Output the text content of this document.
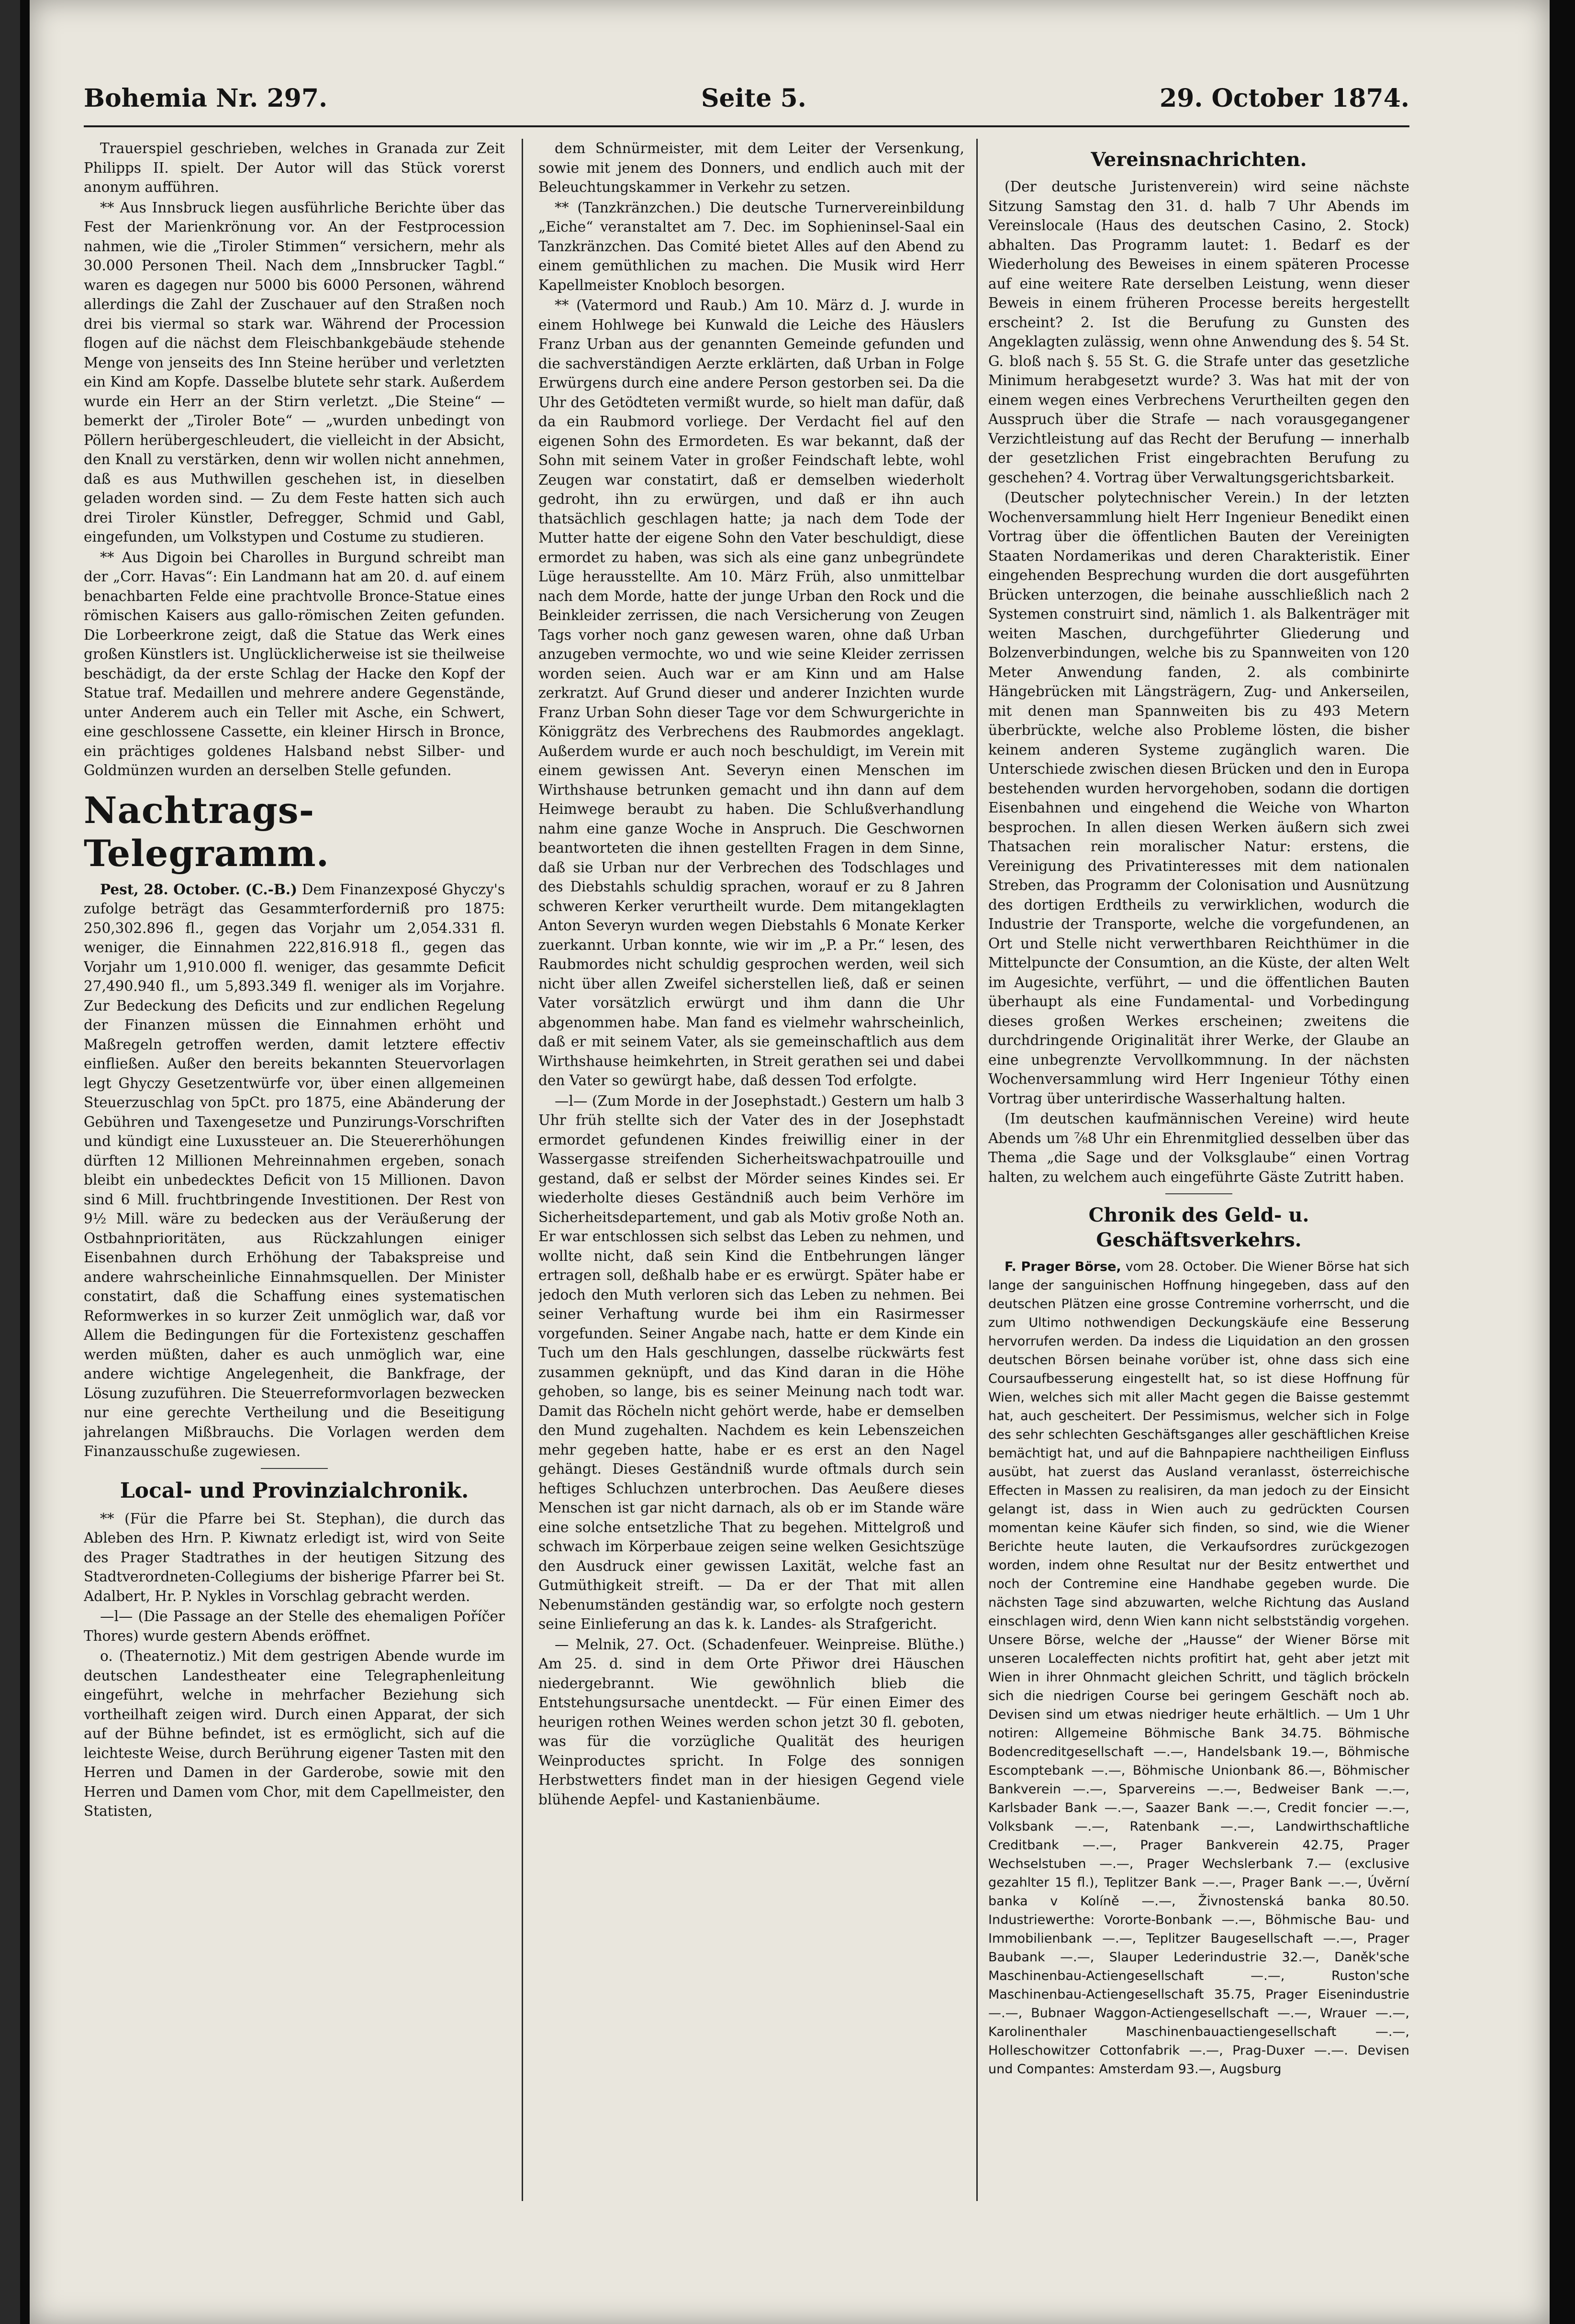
Bohemia Nr. 297.	Seite 5.	29. October 1874.

Trauerspiel geschrieben, welches in Granada zur Zeit Philipps II. spielt. Der Autor will das Stück vorerst anonym aufführen.

** Aus Innsbruck liegen ausführliche Berichte über das Fest der Marienkrönung vor. An der Festprocession nahmen, wie die „Tiroler Stimmen“ versichern, mehr als 30.000 Personen Theil. Nach dem „Innsbrucker Tagbl.“ waren es dagegen nur 5000 bis 6000 Personen, während allerdings die Zahl der Zuschauer auf den Straßen noch drei bis viermal so stark war. Während der Procession flogen auf die nächst dem Fleischbankgebäude stehende Menge von jenseits des Inn Steine herüber und verletzten ein Kind am Kopfe. Dasselbe blutete sehr stark. Außerdem wurde ein Herr an der Stirn verletzt. „Die Steine“ — bemerkt der „Tiroler Bote“ — „wurden unbedingt von Pöllern herübergeschleudert, die vielleicht in der Absicht, den Knall zu verstärken, denn wir wollen nicht annehmen, daß es aus Muthwillen geschehen ist, in dieselben geladen worden sind. — Zu dem Feste hatten sich auch drei Tiroler Künstler, Defregger, Schmid und Gabl, eingefunden, um Volkstypen und Costume zu studieren.

** Aus Digoin bei Charolles in Burgund schreibt man der „Corr. Havas“: Ein Landmann hat am 20. d. auf einem benachbarten Felde eine prachtvolle Bronce-Statue eines römischen Kaisers aus gallo-römischen Zeiten gefunden. Die Lorbeerkrone zeigt, daß die Statue das Werk eines großen Künstlers ist. Unglücklicherweise ist sie theilweise beschädigt, da der erste Schlag der Hacke den Kopf der Statue traf. Medaillen und mehrere andere Gegenstände, unter Anderem auch ein Teller mit Asche, ein Schwert, eine geschlossene Cassette, ein kleiner Hirsch in Bronce, ein prächtiges goldenes Halsband nebst Silber- und Goldmünzen wurden an derselben Stelle gefunden.

Nachtrags-Telegramm.

Pest, 28. October. (C.-B.) Dem Finanzexposé Ghyczy's zufolge beträgt das Gesammterforderniß pro 1875: 250,302.896 fl., gegen das Vorjahr um 2,054.331 fl. weniger, die Einnahmen 222,816.918 fl., gegen das Vorjahr um 1,910.000 fl. weniger, das gesammte Deficit 27,490.940 fl., um 5,893.349 fl. weniger als im Vorjahre. Zur Bedeckung des Deficits und zur endlichen Regelung der Finanzen müssen die Einnahmen erhöht und Maßregeln getroffen werden, damit letztere effectiv einfließen. Außer den bereits bekannten Steuervorlagen legt Ghyczy Gesetzentwürfe vor, über einen allgemeinen Steuerzuschlag von 5pCt. pro 1875, eine Abänderung der Gebühren und Taxengesetze und Punzirungs-Vorschriften und kündigt eine Luxussteuer an. Die Steuererhöhungen dürften 12 Millionen Mehreinnahmen ergeben, sonach bleibt ein unbedecktes Deficit von 15 Millionen. Davon sind 6 Mill. fruchtbringende Investitionen. Der Rest von 9½ Mill. wäre zu bedecken aus der Veräußerung der Ostbahnprioritäten, aus Rückzahlungen einiger Eisenbahnen durch Erhöhung der Tabakspreise und andere wahrscheinliche Einnahmsquellen. Der Minister constatirt, daß die Schaffung eines systematischen Reformwerkes in so kurzer Zeit unmöglich war, daß vor Allem die Bedingungen für die Fortexistenz geschaffen werden müßten, daher es auch unmöglich war, eine andere wichtige Angelegenheit, die Bankfrage, der Lösung zuzuführen. Die Steuerreformvorlagen bezwecken nur eine gerechte Vertheilung und die Beseitigung jahrelangen Mißbrauchs. Die Vorlagen werden dem Finanzausschuße zugewiesen.

Local- und Provinzialchronik.

** (Für die Pfarre bei St. Stephan), die durch das Ableben des Hrn. P. Kiwnatz erledigt ist, wird von Seite des Prager Stadtrathes in der heutigen Sitzung des Stadtverordneten-Collegiums der bisherige Pfarrer bei St. Adalbert, Hr. P. Nykles in Vorschlag gebracht werden.

—l— (Die Passage an der Stelle des ehemaligen Poříčer Thores) wurde gestern Abends eröffnet.

o. (Theaternotiz.) Mit dem gestrigen Abende wurde im deutschen Landestheater eine Telegraphenleitung eingeführt, welche in mehrfacher Beziehung sich vortheilhaft zeigen wird. Durch einen Apparat, der sich auf der Bühne befindet, ist es ermöglicht, sich auf die leichteste Weise, durch Berührung eigener Tasten mit den Herren und Damen in der Garderobe, sowie mit den Herren und Damen vom Chor, mit dem Capellmeister, den Statisten,

dem Schnürmeister, mit dem Leiter der Versenkung, sowie mit jenem des Donners, und endlich auch mit der Beleuchtungskammer in Verkehr zu setzen.

** (Tanzkränzchen.) Die deutsche Turnervereinbildung „Eiche“ veranstaltet am 7. Dec. im Sophieninsel-Saal ein Tanzkränzchen. Das Comité bietet Alles auf den Abend zu einem gemüthlichen zu machen. Die Musik wird Herr Kapellmeister Knobloch besorgen.

** (Vatermord und Raub.) Am 10. März d. J. wurde in einem Hohlwege bei Kunwald die Leiche des Häuslers Franz Urban aus der genannten Gemeinde gefunden und die sachverständigen Aerzte erklärten, daß Urban in Folge Erwürgens durch eine andere Person gestorben sei. Da die Uhr des Getödteten vermißt wurde, so hielt man dafür, daß da ein Raubmord vorliege. Der Verdacht fiel auf den eigenen Sohn des Ermordeten. Es war bekannt, daß der Sohn mit seinem Vater in großer Feindschaft lebte, wohl Zeugen war constatirt, daß er demselben wiederholt gedroht, ihn zu erwürgen, und daß er ihn auch thatsächlich geschlagen hatte; ja nach dem Tode der Mutter hatte der eigene Sohn den Vater beschuldigt, diese ermordet zu haben, was sich als eine ganz unbegründete Lüge herausstellte. Am 10. März Früh, also unmittelbar nach dem Morde, hatte der junge Urban den Rock und die Beinkleider zerrissen, die nach Versicherung von Zeugen Tags vorher noch ganz gewesen waren, ohne daß Urban anzugeben vermochte, wo und wie seine Kleider zerrissen worden seien. Auch war er am Kinn und am Halse zerkratzt. Auf Grund dieser und anderer Inzichten wurde Franz Urban Sohn dieser Tage vor dem Schwurgerichte in Königgrätz des Verbrechens des Raubmordes angeklagt. Außerdem wurde er auch noch beschuldigt, im Verein mit einem gewissen Ant. Severyn einen Menschen im Wirthshause betrunken gemacht und ihn dann auf dem Heimwege beraubt zu haben. Die Schlußverhandlung nahm eine ganze Woche in Anspruch. Die Geschwornen beantworteten die ihnen gestellten Fragen in dem Sinne, daß sie Urban nur der Verbrechen des Todschlages und des Diebstahls schuldig sprachen, worauf er zu 8 Jahren schweren Kerker verurtheilt wurde. Dem mitangeklagten Anton Severyn wurden wegen Diebstahls 6 Monate Kerker zuerkannt. Urban konnte, wie wir im „P. a Pr.“ lesen, des Raubmordes nicht schuldig gesprochen werden, weil sich nicht über allen Zweifel sicherstellen ließ, daß er seinen Vater vorsätzlich erwürgt und ihm dann die Uhr abgenommen habe. Man fand es vielmehr wahrscheinlich, daß er mit seinem Vater, als sie gemeinschaftlich aus dem Wirthshause heimkehrten, in Streit gerathen sei und dabei den Vater so gewürgt habe, daß dessen Tod erfolgte.

—l— (Zum Morde in der Josephstadt.) Gestern um halb 3 Uhr früh stellte sich der Vater des in der Josephstadt ermordet gefundenen Kindes freiwillig einer in der Wassergasse streifenden Sicherheitswachpatrouille und gestand, daß er selbst der Mörder seines Kindes sei. Er wiederholte dieses Geständniß auch beim Verhöre im Sicherheitsdepartement, und gab als Motiv große Noth an. Er war entschlossen sich selbst das Leben zu nehmen, und wollte nicht, daß sein Kind die Entbehrungen länger ertragen soll, deßhalb habe er es erwürgt. Später habe er jedoch den Muth verloren sich das Leben zu nehmen. Bei seiner Verhaftung wurde bei ihm ein Rasirmesser vorgefunden. Seiner Angabe nach, hatte er dem Kinde ein Tuch um den Hals geschlungen, dasselbe rückwärts fest zusammen geknüpft, und das Kind daran in die Höhe gehoben, so lange, bis es seiner Meinung nach todt war. Damit das Röcheln nicht gehört werde, habe er demselben den Mund zugehalten. Nachdem es kein Lebenszeichen mehr gegeben hatte, habe er es erst an den Nagel gehängt. Dieses Geständniß wurde oftmals durch sein heftiges Schluchzen unterbrochen. Das Aeußere dieses Menschen ist gar nicht darnach, als ob er im Stande wäre eine solche entsetzliche That zu begehen. Mittelgroß und schwach im Körperbaue zeigen seine welken Gesichtszüge den Ausdruck einer gewissen Laxität, welche fast an Gutmüthigkeit streift. — Da er der That mit allen Nebenumständen geständig war, so erfolgte noch gestern seine Einlieferung an das k. k. Landes- als Strafgericht.

— Melnik, 27. Oct. (Schadenfeuer. Weinpreise. Blüthe.) Am 25. d. sind in dem Orte Přiwor drei Häuschen niedergebrannt. Wie gewöhnlich blieb die Entstehungsursache unentdeckt. — Für einen Eimer des heurigen rothen Weines werden schon jetzt 30 fl. geboten, was für die vorzügliche Qualität des heurigen Weinproductes spricht. In Folge des sonnigen Herbstwetters findet man in der hiesigen Gegend viele blühende Aepfel- und Kastanienbäume.

Vereinsnachrichten.

(Der deutsche Juristenverein) wird seine nächste Sitzung Samstag den 31. d. halb 7 Uhr Abends im Vereinslocale (Haus des deutschen Casino, 2. Stock) abhalten. Das Programm lautet: 1. Bedarf es der Wiederholung des Beweises in einem späteren Processe auf eine weitere Rate derselben Leistung, wenn dieser Beweis in einem früheren Processe bereits hergestellt erscheint? 2. Ist die Berufung zu Gunsten des Angeklagten zulässig, wenn ohne Anwendung des §. 54 St. G. bloß nach §. 55 St. G. die Strafe unter das gesetzliche Minimum herabgesetzt wurde? 3. Was hat mit der von einem wegen eines Verbrechens Verurtheilten gegen den Ausspruch über die Strafe — nach vorausgegangener Verzichtleistung auf das Recht der Berufung — innerhalb der gesetzlichen Frist eingebrachten Berufung zu geschehen? 4. Vortrag über Verwaltungsgerichtsbarkeit.

(Deutscher polytechnischer Verein.) In der letzten Wochenversammlung hielt Herr Ingenieur Benedikt einen Vortrag über die öffentlichen Bauten der Vereinigten Staaten Nordamerikas und deren Charakteristik. Einer eingehenden Besprechung wurden die dort ausgeführten Brücken unterzogen, die beinahe ausschließlich nach 2 Systemen construirt sind, nämlich 1. als Balkenträger mit weiten Maschen, durchgeführter Gliederung und Bolzenverbindungen, welche bis zu Spannweiten von 120 Meter Anwendung fanden, 2. als combinirte Hängebrücken mit Längsträgern, Zug- und Ankerseilen, mit denen man Spannweiten bis zu 493 Metern überbrückte, welche also Probleme lösten, die bisher keinem anderen Systeme zugänglich waren. Die Unterschiede zwischen diesen Brücken und den in Europa bestehenden wurden hervorgehoben, sodann die dortigen Eisenbahnen und eingehend die Weiche von Wharton besprochen. In allen diesen Werken äußern sich zwei Thatsachen rein moralischer Natur: erstens, die Vereinigung des Privatinteresses mit dem nationalen Streben, das Programm der Colonisation und Ausnützung des dortigen Erdtheils zu verwirklichen, wodurch die Industrie der Transporte, welche die vorgefundenen, an Ort und Stelle nicht verwerthbaren Reichthümer in die Mittelpuncte der Consumtion, an die Küste, der alten Welt im Augesichte, verführt, — und die öffentlichen Bauten überhaupt als eine Fundamental- und Vorbedingung dieses großen Werkes erscheinen; zweitens die durchdringende Originalität ihrer Werke, der Glaube an eine unbegrenzte Vervollkommnung. In der nächsten Wochenversammlung wird Herr Ingenieur Tóthy einen Vortrag über unterirdische Wasserhaltung halten.

(Im deutschen kaufmännischen Vereine) wird heute Abends um ⅞8 Uhr ein Ehrenmitglied desselben über das Thema „die Sage und der Volksglaube“ einen Vortrag halten, zu welchem auch eingeführte Gäste Zutritt haben.

Chronik des Geld- u. Geschäftsverkehrs.

F. Prager Börse, vom 28. October. Die Wiener Börse hat sich lange der sanguinischen Hoffnung hingegeben, dass auf den deutschen Plätzen eine grosse Contremine vorherrscht, und die zum Ultimo nothwendigen Deckungskäufe eine Besserung hervorrufen werden. Da indess die Liquidation an den grossen deutschen Börsen beinahe vorüber ist, ohne dass sich eine Coursaufbesserung eingestellt hat, so ist diese Hoffnung für Wien, welches sich mit aller Macht gegen die Baisse gestemmt hat, auch gescheitert. Der Pessimismus, welcher sich in Folge des sehr schlechten Geschäftsganges aller geschäftlichen Kreise bemächtigt hat, und auf die Bahnpapiere nachtheiligen Einfluss ausübt, hat zuerst das Ausland veranlasst, österreichische Effecten in Massen zu realisiren, da man jedoch zu der Einsicht gelangt ist, dass in Wien auch zu gedrückten Coursen momentan keine Käufer sich finden, so sind, wie die Wiener Berichte heute lauten, die Verkaufsordres zurückgezogen worden, indem ohne Resultat nur der Besitz entwerthet und noch der Contremine eine Handhabe gegeben wurde. Die nächsten Tage sind abzuwarten, welche Richtung das Ausland einschlagen wird, denn Wien kann nicht selbstständig vorgehen. Unsere Börse, welche der „Hausse“ der Wiener Börse mit unseren Localeffecten nichts profitirt hat, geht aber jetzt mit Wien in ihrer Ohnmacht gleichen Schritt, und täglich bröckeln sich die niedrigen Course bei geringem Geschäft noch ab. Devisen sind um etwas niedriger heute erhältlich. — Um 1 Uhr notiren: Allgemeine Böhmische Bank 34.75. Böhmische Bodencreditgesellschaft —.—, Handelsbank 19.—, Böhmische Escomptebank —.—, Böhmische Unionbank 86.—, Böhmischer Bankverein —.—, Sparvereins —.—, Bedweiser Bank —.—, Karlsbader Bank —.—, Saazer Bank —.—, Credit foncier —.—, Volksbank —.—, Ratenbank —.—, Landwirthschaftliche Creditbank —.—, Prager Bankverein 42.75, Prager Wechselstuben —.—, Prager Wechslerbank 7.— (exclusive gezahlter 15 fl.), Teplitzer Bank —.—, Prager Bank —.—, Úvěrní banka v Kolíně —.—, Živnostenská banka 80.50. Industriewerthe: Vororte-Bonbank —.—, Böhmische Bau- und Immobilienbank —.—, Teplitzer Baugesellschaft —.—, Prager Baubank —.—, Slauper Lederindustrie 32.—, Daněk'sche Maschinenbau-Actiengesellschaft —.—, Ruston'sche Maschinenbau-Actiengesellschaft 35.75, Prager Eisenindustrie —.—, Bubnaer Waggon-Actiengesellschaft —.—, Wrauer —.—, Karolinenthaler Maschinenbauactiengesellschaft —.—, Holleschowitzer Cottonfabrik —.—, Prag-Duxer —.—. Devisen und Compantes: Amsterdam 93.—, Augsburg
